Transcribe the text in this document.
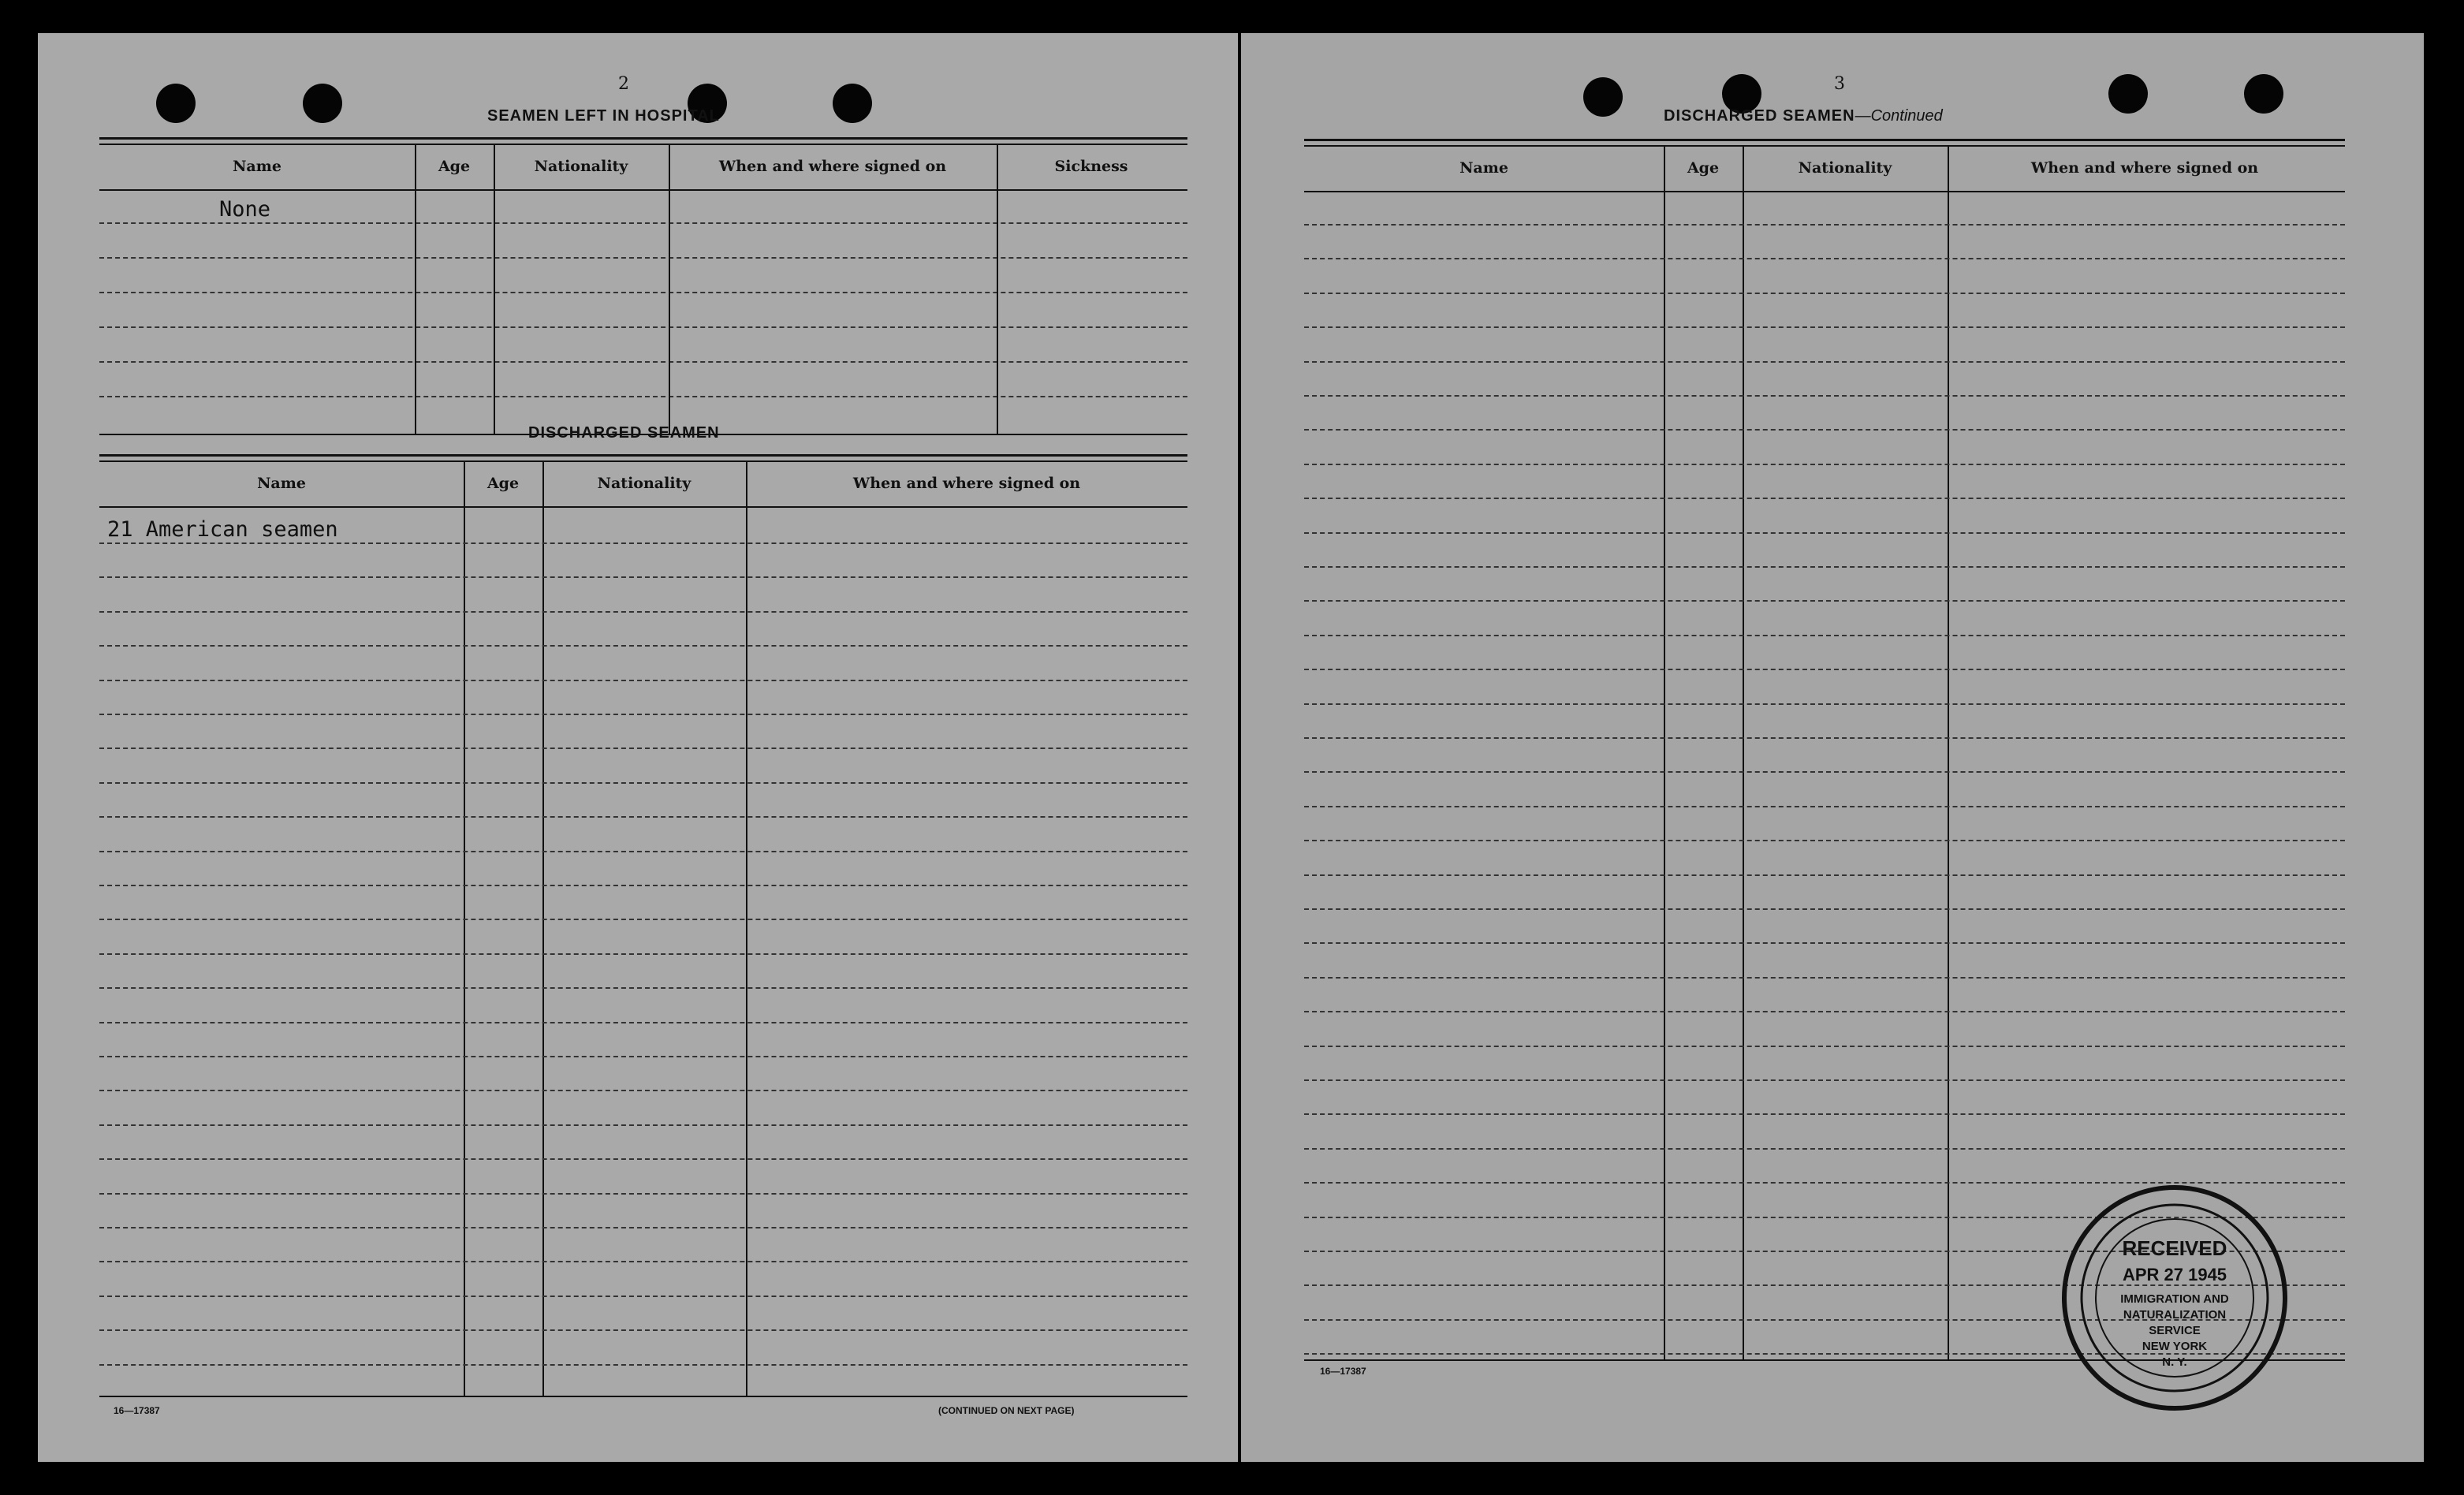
2
SEAMEN LEFT IN HOSPITAL
Name	Age	Nationality	When and where signed on	Sickness
None
DISCHARGED SEAMEN
Name	Age	Nationality	When and where signed on
21 American seamen
16—17387	(CONTINUED ON NEXT PAGE)
3
DISCHARGED SEAMEN—Continued
Name	Age	Nationality	When and where signed on
16—17387
RECEIVED
APR 27 1945
IMMIGRATION AND
NATURALIZATION
SERVICE
NEW YORK
N. Y.
